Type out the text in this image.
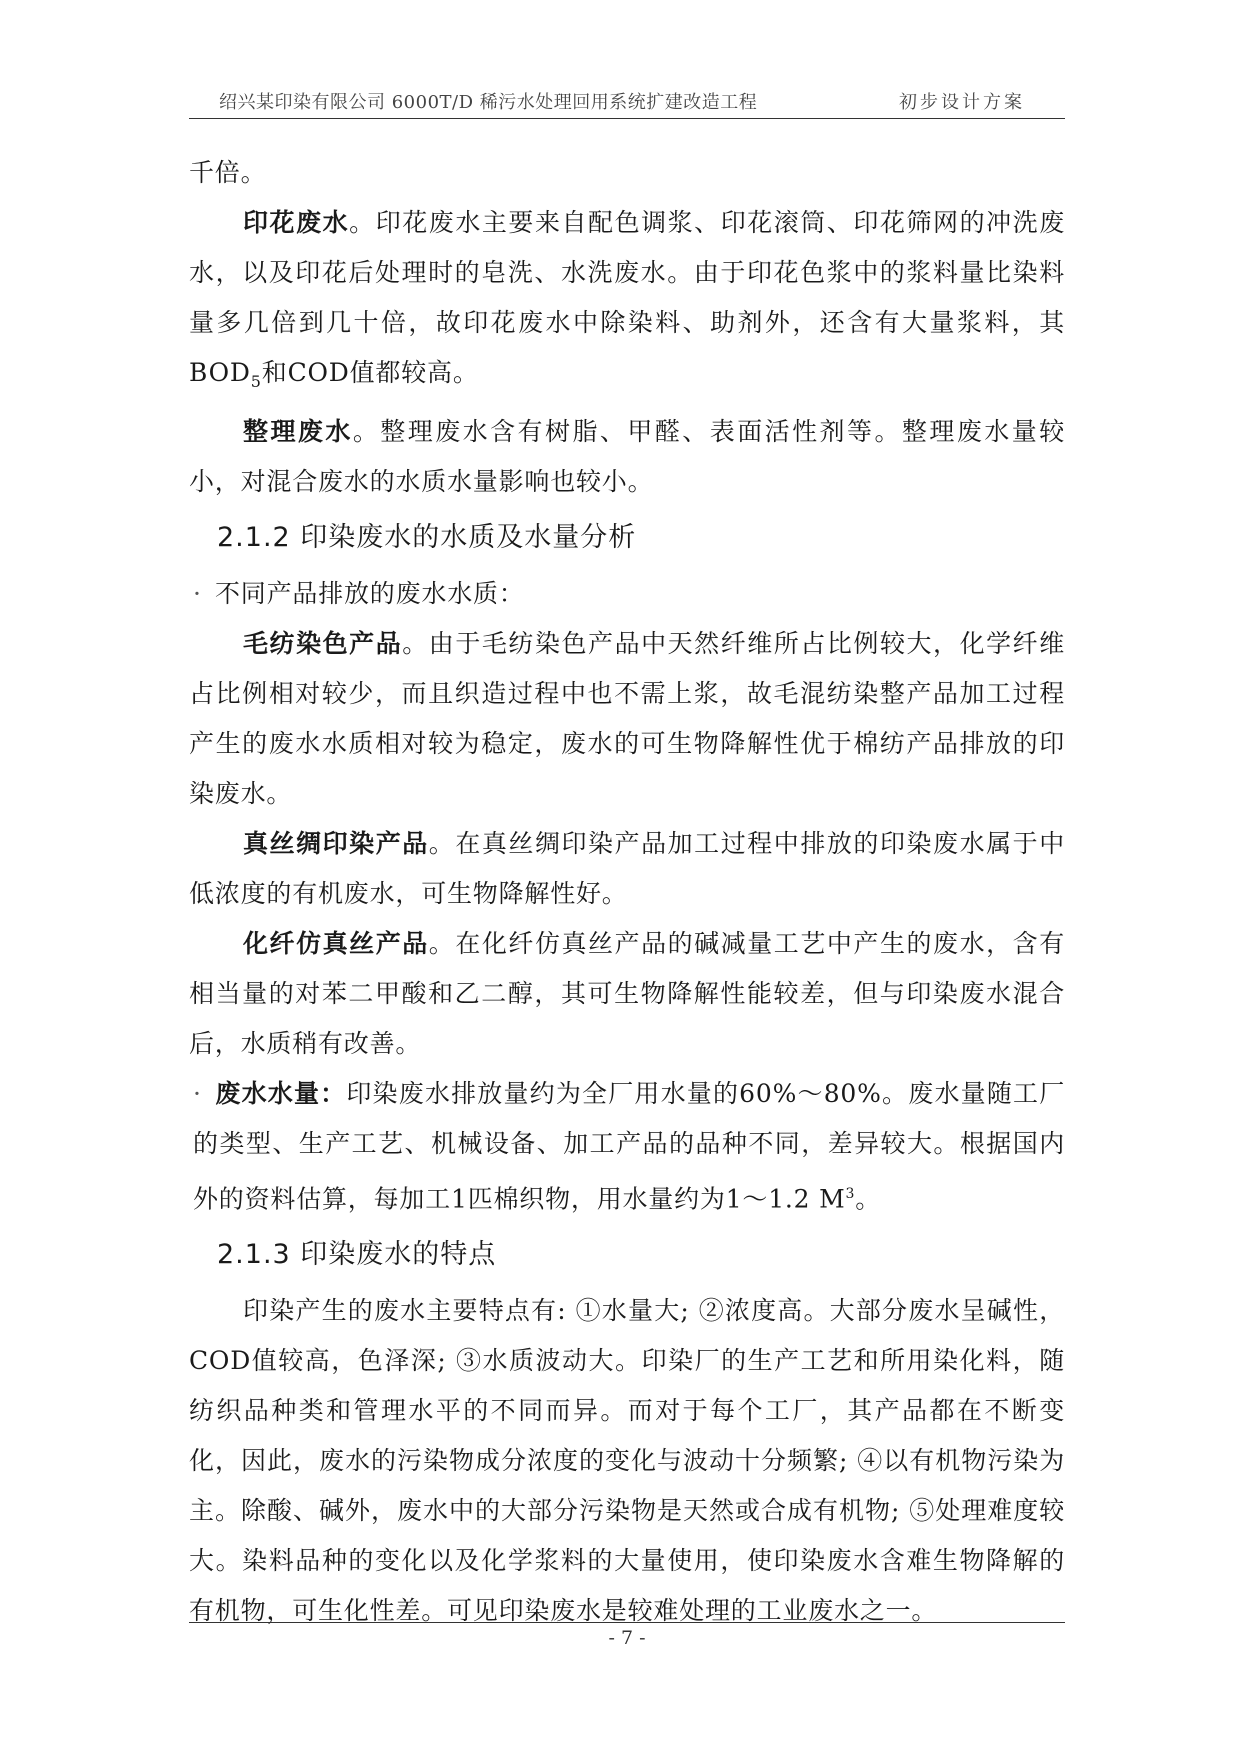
绍兴某印染有限公司 6000T/D 稀污水处理回用系统扩建改造工程	初步设计方案

千倍。

印花废水。印花废水主要来自配色调浆、印花滚筒、印花筛网的冲洗废水，以及印花后处理时的皂洗、水洗废水。由于印花色浆中的浆料量比染料量多几倍到几十倍，故印花废水中除染料、助剂外，还含有大量浆料，其$BOD_5$和COD值都较高。

整理废水。整理废水含有树脂、甲醛、表面活性剂等。整理废水量较小，对混合废水的水质水量影响也较小。

2.1.2 印染废水的水质及水量分析

· 不同产品排放的废水水质：

毛纺染色产品。由于毛纺染色产品中天然纤维所占比例较大，化学纤维占比例相对较少，而且织造过程中也不需上浆，故毛混纺染整产品加工过程产生的废水水质相对较为稳定，废水的可生物降解性优于棉纺产品排放的印染废水。

真丝绸印染产品。在真丝绸印染产品加工过程中排放的印染废水属于中低浓度的有机废水，可生物降解性好。

化纤仿真丝产品。在化纤仿真丝产品的碱减量工艺中产生的废水，含有相当量的对苯二甲酸和乙二醇，其可生物降解性能较差，但与印染废水混合后，水质稍有改善。

· 废水水量：印染废水排放量约为全厂用水量的60%～80%。废水量随工厂的类型、生产工艺、机械设备、加工产品的品种不同，差异较大。根据国内外的资料估算，每加工1匹棉织物，用水量约为1～1.2 $M^3$。

2.1.3 印染废水的特点

印染产生的废水主要特点有: ①水量大; ②浓度高。大部分废水呈碱性，COD值较高，色泽深; ③水质波动大。印染厂的生产工艺和所用染化料，随纺织品种类和管理水平的不同而异。而对于每个工厂，其产品都在不断变化，因此，废水的污染物成分浓度的变化与波动十分频繁; ④以有机物污染为主。除酸、碱外，废水中的大部分污染物是天然或合成有机物; ⑤处理难度较大。染料品种的变化以及化学浆料的大量使用，使印染废水含难生物降解的有机物，可生化性差。可见印染废水是较难处理的工业废水之一。

- 7 -
